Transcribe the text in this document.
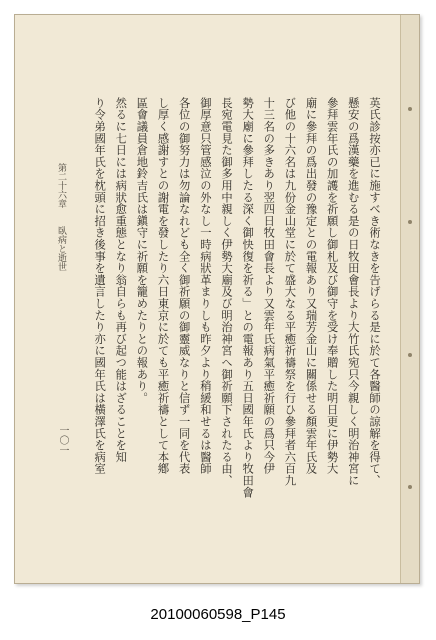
英氏診按亦已に施すべき術なきを告げらる是に於て各醫師の諒解を得て、
懸安の爲漢藥を進むる是の日牧田會長より大竹氏宛只今親しく明治神宮に
參拜雲年氏の加護を祈願し御札及び御守を受け奉贈した明日更に伊勢大
廟に參拜の爲出發の豫定との電報あり又瑞芳金山に關係せる顏雲年氏及
び他の十六名は九份金山堂に於て盛大なる平癒祈禱祭を行ひ參拜者六百九
十三名の多きあり翌四日牧田會長より又雲年氏病氣平癒祈願の爲只今伊
勢大廟に參拜したる深く御快復を祈る」との電報あり五日國年氏より牧田會
長宛電見た御多用中親しく伊勢大廟及び明治神宮へ御祈願下されたる由、
御厚意只管感泣の外なし一時病狀革まりしも昨夕より稍緩和せるは醫師
各位の御努力は勿論なれども全く御祈願の御靈威なりと信ず一同を代表
し厚く感謝すとの謝電を發したり六日東京に於ても平癒祈禱として本鄕
區會議員倉地鈴吉氏は鎭守に祈願を籠めたりとの報あり。
然るに七日には病狀愈重態となり翁自らも再び起つ能はざることを知
り令弟國年氏を枕頭に招き後事を遺言したり亦に國年氏は橫澤氏を病室
第二十六章臥病と逝世
一〇一
20100060598_P145
